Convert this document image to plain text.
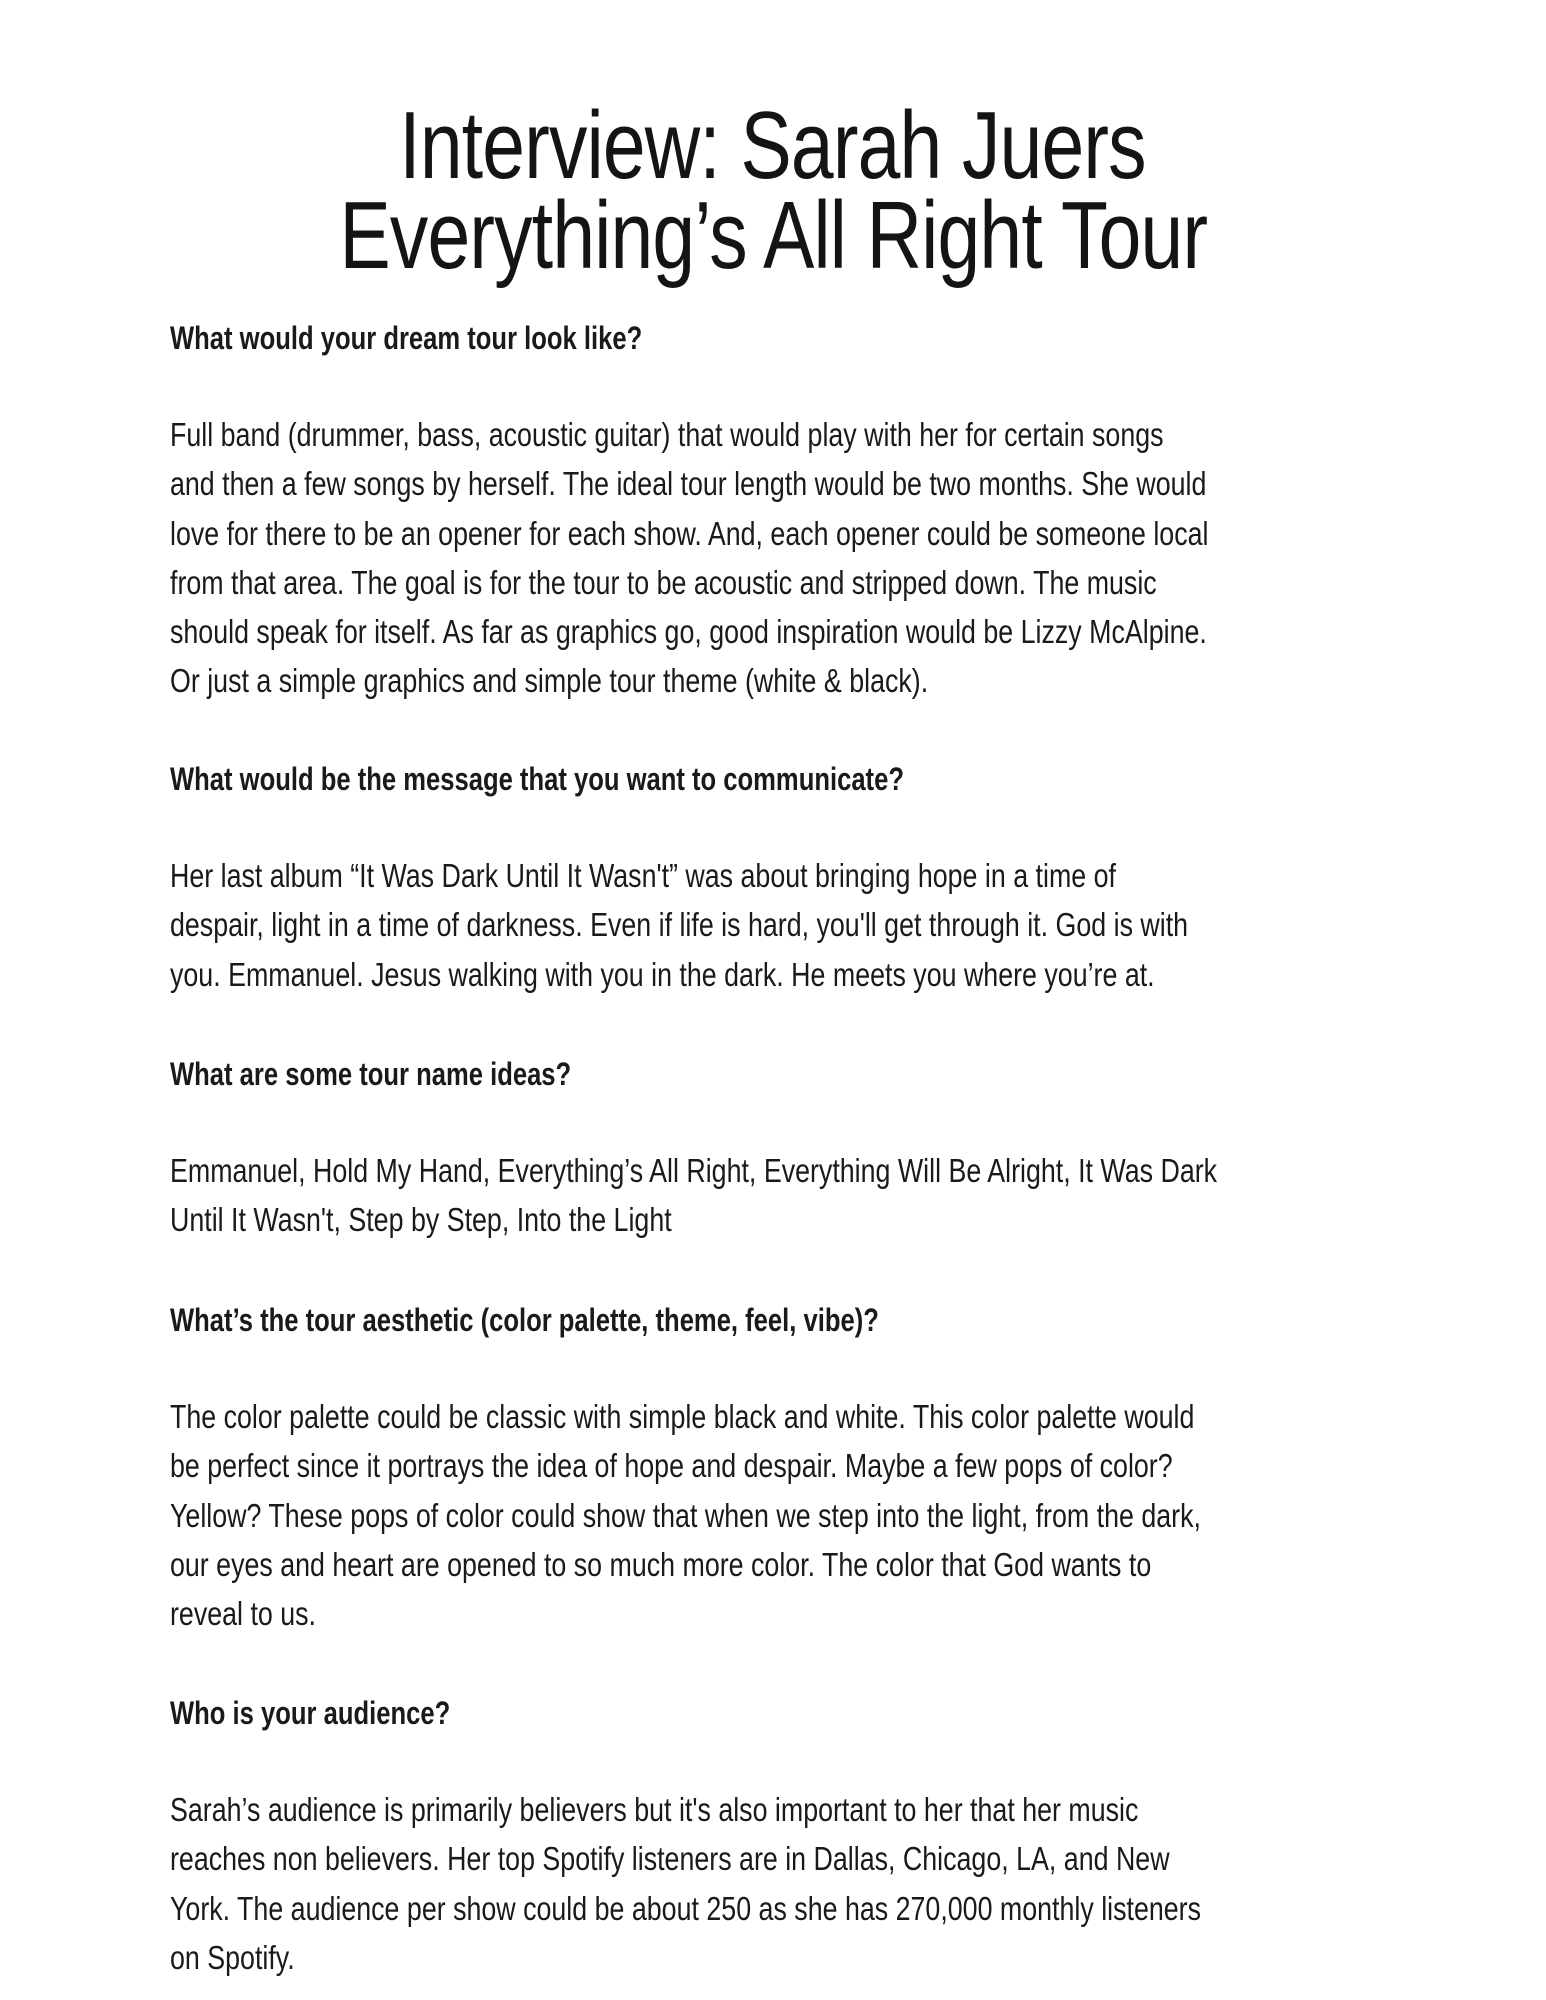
Interview: Sarah Juers
Everything’s All Right Tour
What would your dream tour look like?
Full band (drummer, bass, acoustic guitar) that would play with her for certain songs
and then a few songs by herself. The ideal tour length would be two months. She would
love for there to be an opener for each show. And, each opener could be someone local
from that area. The goal is for the tour to be acoustic and stripped down. The music
should speak for itself. As far as graphics go, good inspiration would be Lizzy McAlpine.
Or just a simple graphics and simple tour theme (white & black).
What would be the message that you want to communicate?
Her last album “It Was Dark Until It Wasn't” was about bringing hope in a time of
despair, light in a time of darkness. Even if life is hard, you'll get through it. God is with
you. Emmanuel. Jesus walking with you in the dark. He meets you where you’re at.
What are some tour name ideas?
Emmanuel, Hold My Hand, Everything’s All Right, Everything Will Be Alright, It Was Dark
Until It Wasn't, Step by Step, Into the Light
What’s the tour aesthetic (color palette, theme, feel, vibe)?
The color palette could be classic with simple black and white. This color palette would
be perfect since it portrays the idea of hope and despair. Maybe a few pops of color?
Yellow? These pops of color could show that when we step into the light, from the dark,
our eyes and heart are opened to so much more color. The color that God wants to
reveal to us.
Who is your audience?
Sarah’s audience is primarily believers but it's also important to her that her music
reaches non believers. Her top Spotify listeners are in Dallas, Chicago, LA, and New
York. The audience per show could be about 250 as she has 270,000 monthly listeners
on Spotify.
